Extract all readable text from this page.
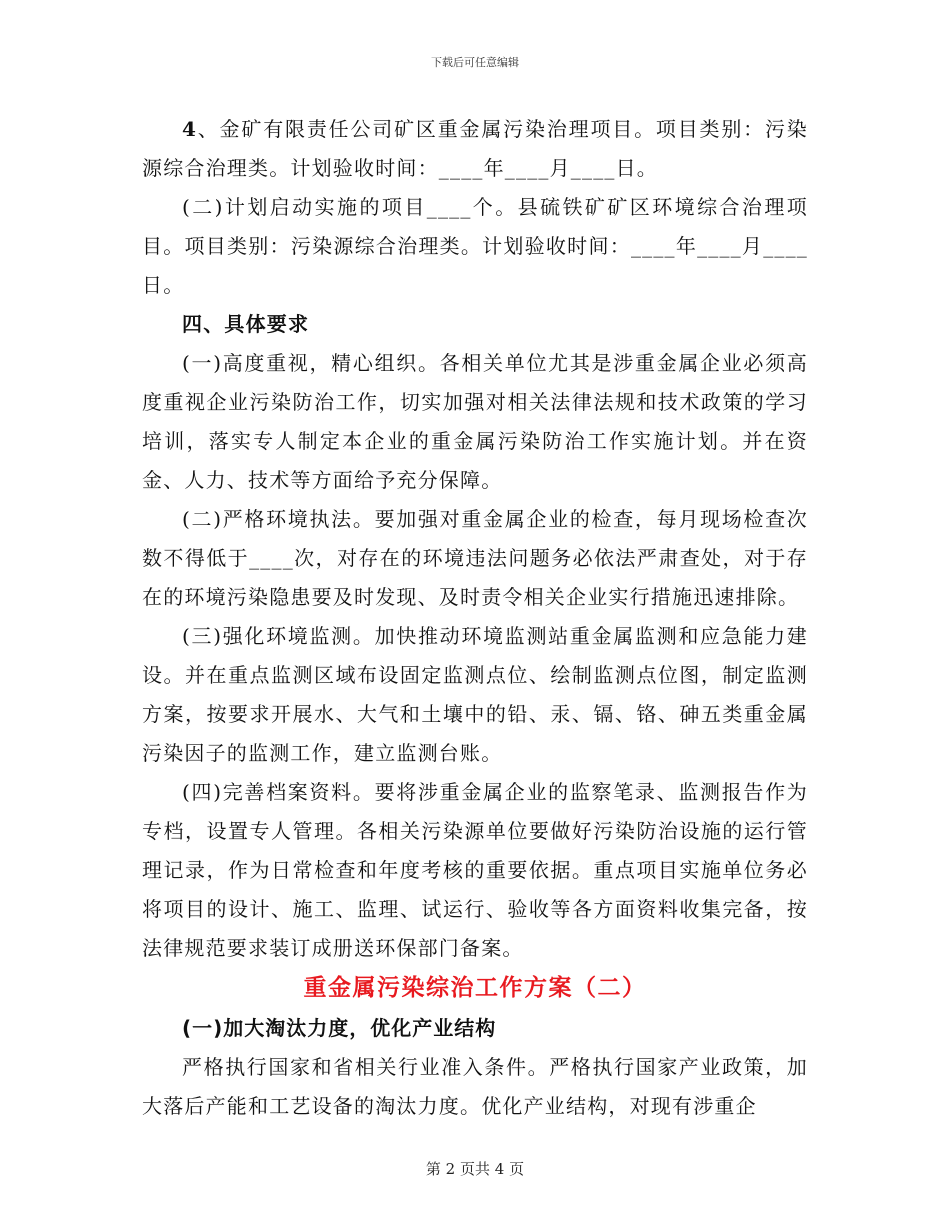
下载后可任意编辑

4、金矿有限责任公司矿区重金属污染治理项目。项目类别：污染源综合治理类。计划验收时间：____年____月____日。

(二)计划启动实施的项目____个。县硫铁矿矿区环境综合治理项目。项目类别：污染源综合治理类。计划验收时间：____年____月____日。

四、具体要求

(一)高度重视，精心组织。各相关单位尤其是涉重金属企业必须高度重视企业污染防治工作，切实加强对相关法律法规和技术政策的学习培训，落实专人制定本企业的重金属污染防治工作实施计划。并在资金、人力、技术等方面给予充分保障。

(二)严格环境执法。要加强对重金属企业的检查，每月现场检查次数不得低于____次，对存在的环境违法问题务必依法严肃查处，对于存在的环境污染隐患要及时发现、及时责令相关企业实行措施迅速排除。

(三)强化环境监测。加快推动环境监测站重金属监测和应急能力建设。并在重点监测区域布设固定监测点位、绘制监测点位图，制定监测方案，按要求开展水、大气和土壤中的铅、汞、镉、铬、砷五类重金属污染因子的监测工作，建立监测台账。

(四)完善档案资料。要将涉重金属企业的监察笔录、监测报告作为专档，设置专人管理。各相关污染源单位要做好污染防治设施的运行管理记录，作为日常检查和年度考核的重要依据。重点项目实施单位务必将项目的设计、施工、监理、试运行、验收等各方面资料收集完备，按法律规范要求装订成册送环保部门备案。

重金属污染综治工作方案（二）

(一)加大淘汰力度，优化产业结构

严格执行国家和省相关行业准入条件。严格执行国家产业政策，加大落后产能和工艺设备的淘汰力度。优化产业结构，对现有涉重企

第 2 页共 4 页
